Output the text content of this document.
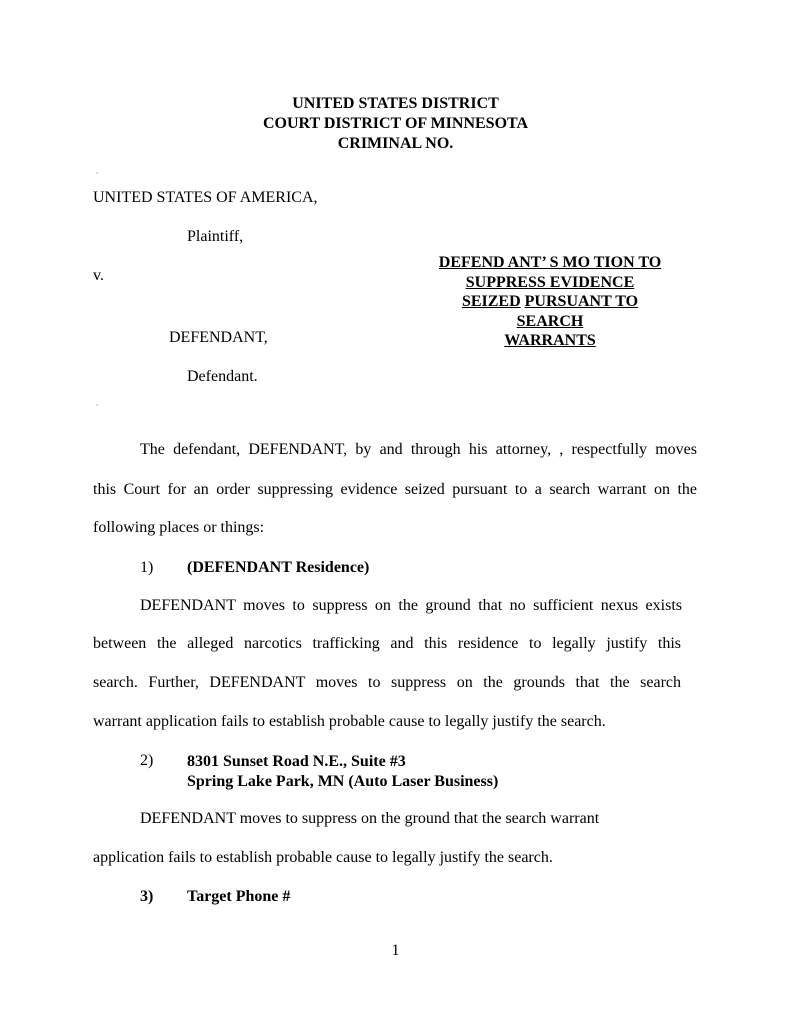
UNITED STATES DISTRICT
COURT DISTRICT OF MINNESOTA
CRIMINAL NO.
UNITED STATES OF AMERICA,
Plaintiff,
v.
DEFENDANT,
Defendant.
DEFEND ANT’ S MO TION TO
SUPPRESS EVIDENCE
SEIZED PURSUANT TO
SEARCH
WARRANTS
The defendant, DEFENDANT, by and through his attorney, , respectfully moves
this Court for an order suppressing evidence seized pursuant to a search warrant on the
following places or things:
1) (DEFENDANT Residence)
DEFENDANT moves to suppress on the ground that no sufficient nexus exists
between the alleged narcotics trafficking and this residence to legally justify this
search. Further, DEFENDANT moves to suppress on the grounds that the search
warrant application fails to establish probable cause to legally justify the search.
2) 8301 Sunset Road N.E., Suite #3
Spring Lake Park, MN (Auto Laser Business)
DEFENDANT moves to suppress on the ground that the search warrant
application fails to establish probable cause to legally justify the search.
3) Target Phone #
1
